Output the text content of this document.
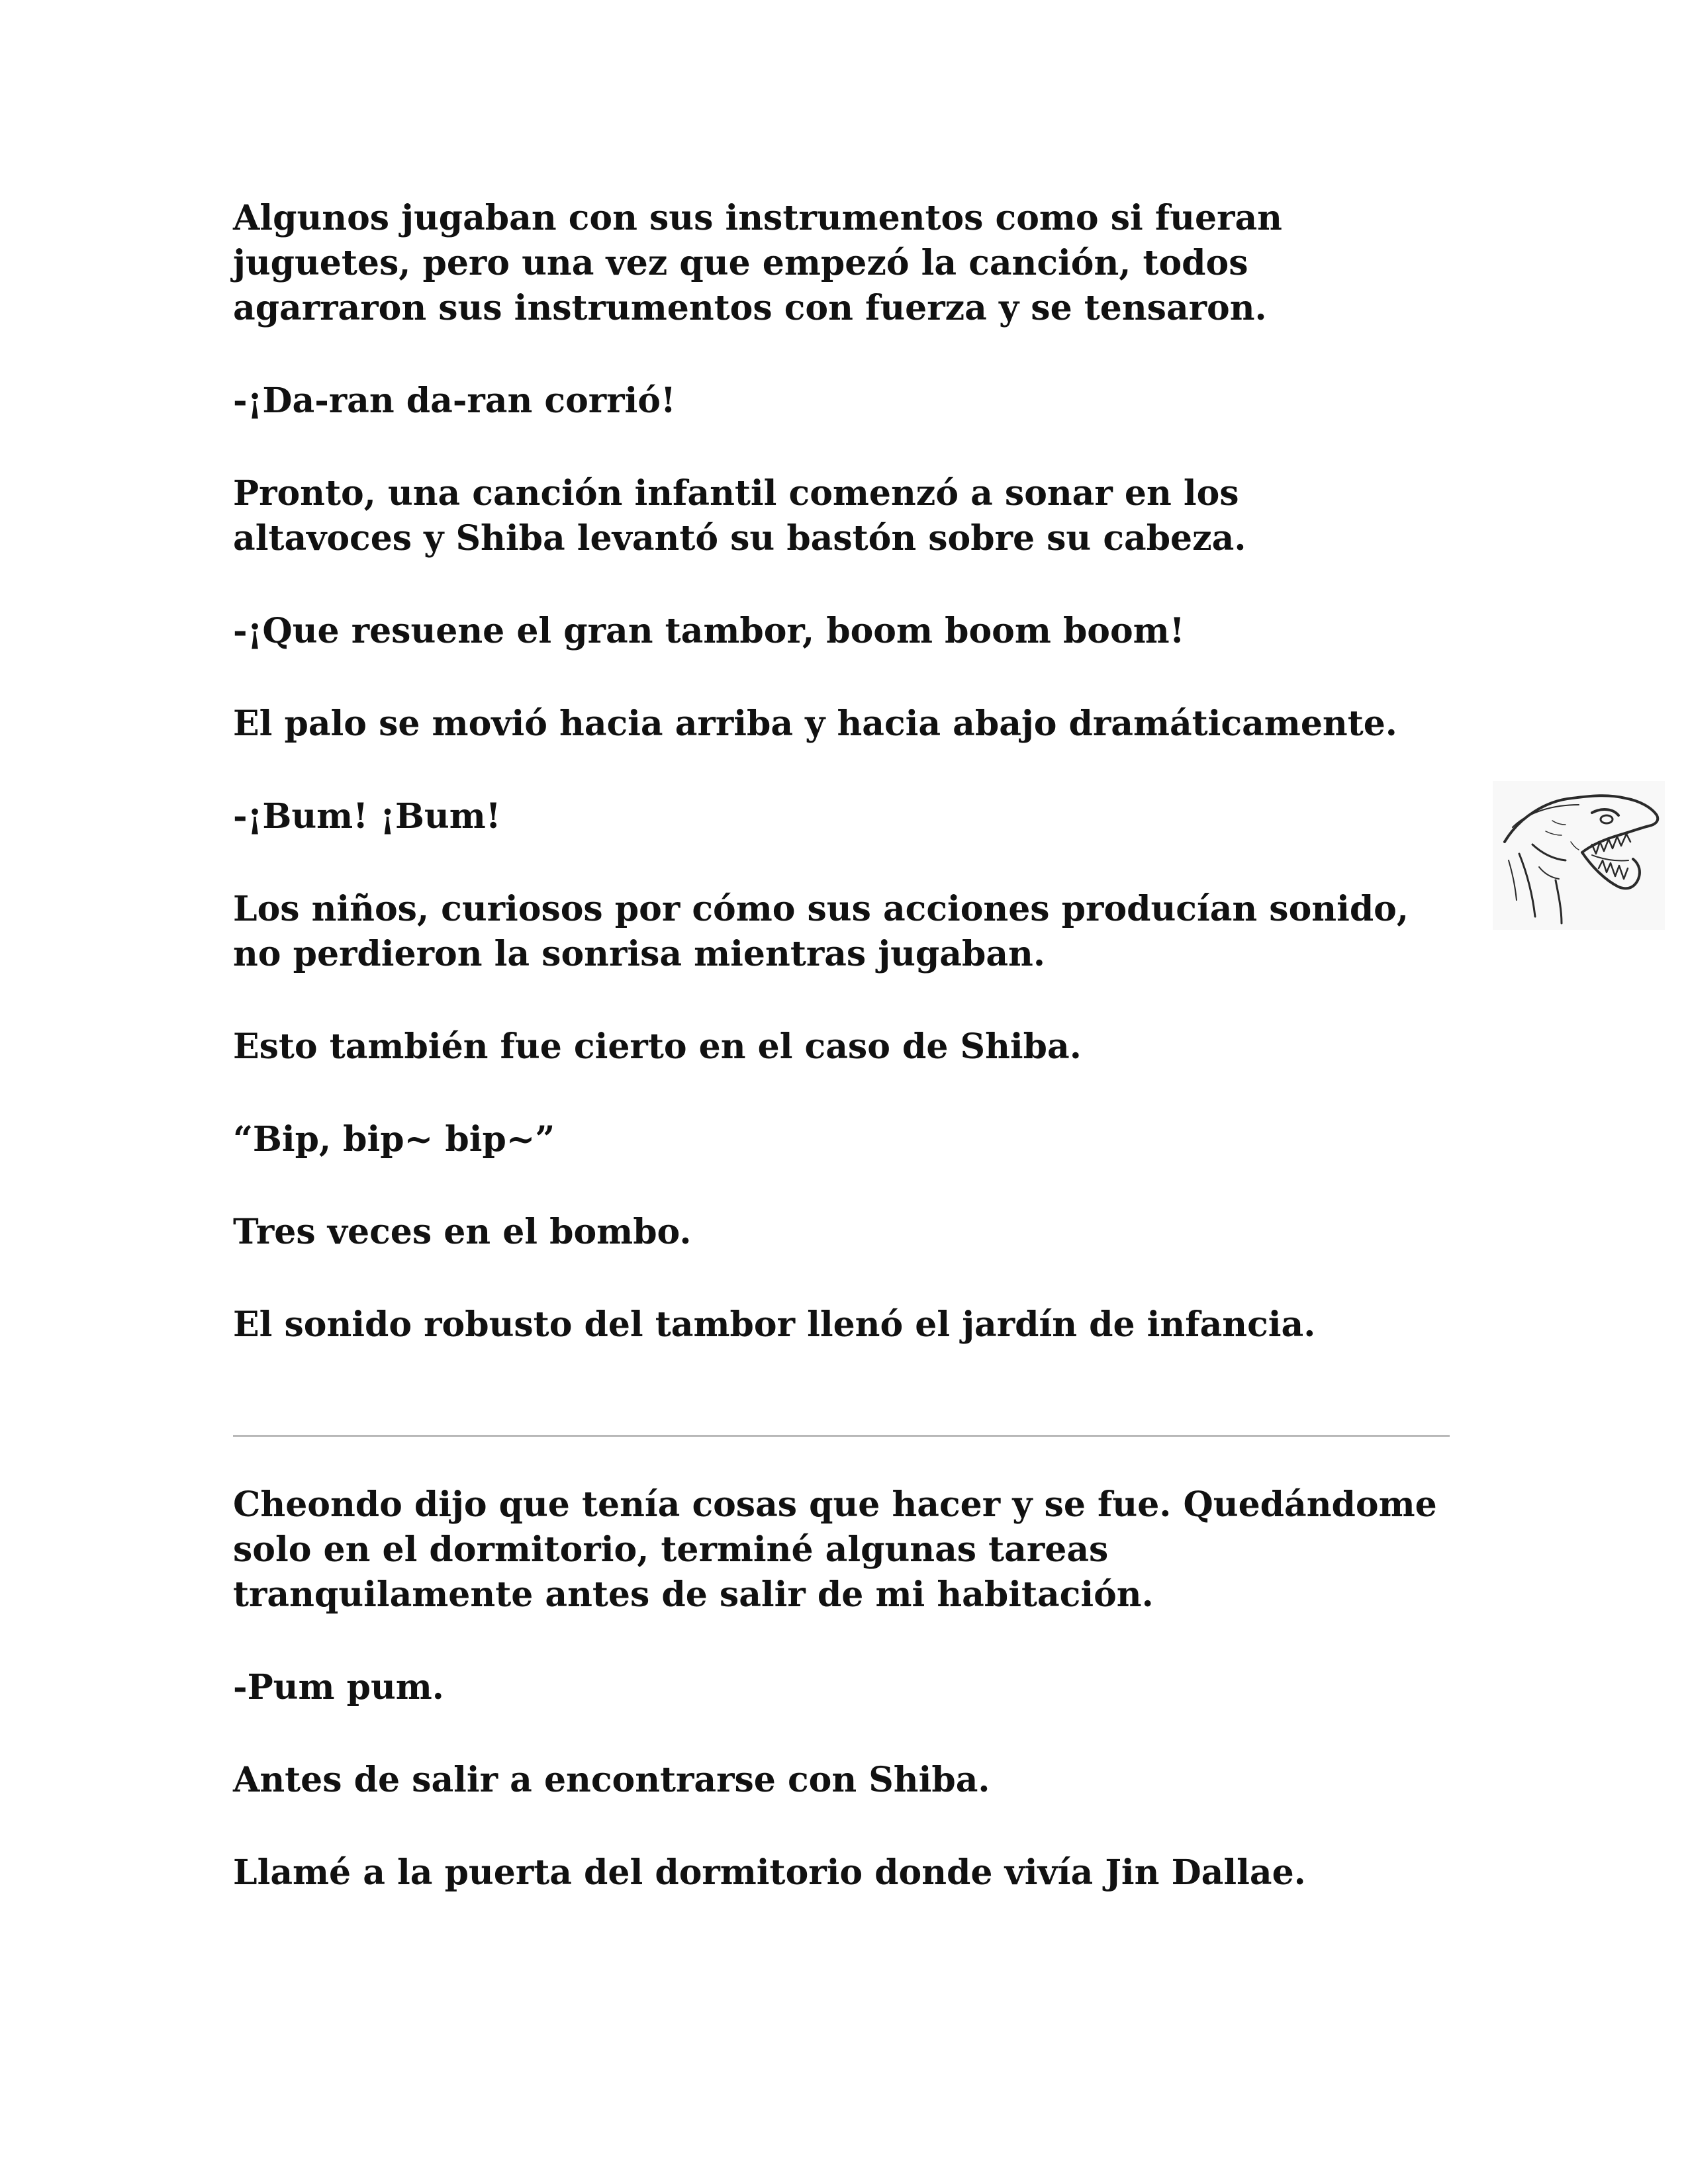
Algunos jugaban con sus instrumentos como si fueran
juguetes, pero una vez que empezó la canción, todos
agarraron sus instrumentos con fuerza y se tensaron.

-¡Da-ran da-ran corrió!

Pronto, una canción infantil comenzó a sonar en los
altavoces y Shiba levantó su bastón sobre su cabeza.

-¡Que resuene el gran tambor, boom boom boom!

El palo se movió hacia arriba y hacia abajo dramáticamente.

-¡Bum! ¡Bum!

Los niños, curiosos por cómo sus acciones producían sonido,
no perdieron la sonrisa mientras jugaban.

Esto también fue cierto en el caso de Shiba.

“Bip, bip~ bip~”

Tres veces en el bombo.

El sonido robusto del tambor llenó el jardín de infancia.

Cheondo dijo que tenía cosas que hacer y se fue. Quedándome
solo en el dormitorio, terminé algunas tareas
tranquilamente antes de salir de mi habitación.

-Pum pum.

Antes de salir a encontrarse con Shiba.

Llamé a la puerta del dormitorio donde vivía Jin Dallae.
